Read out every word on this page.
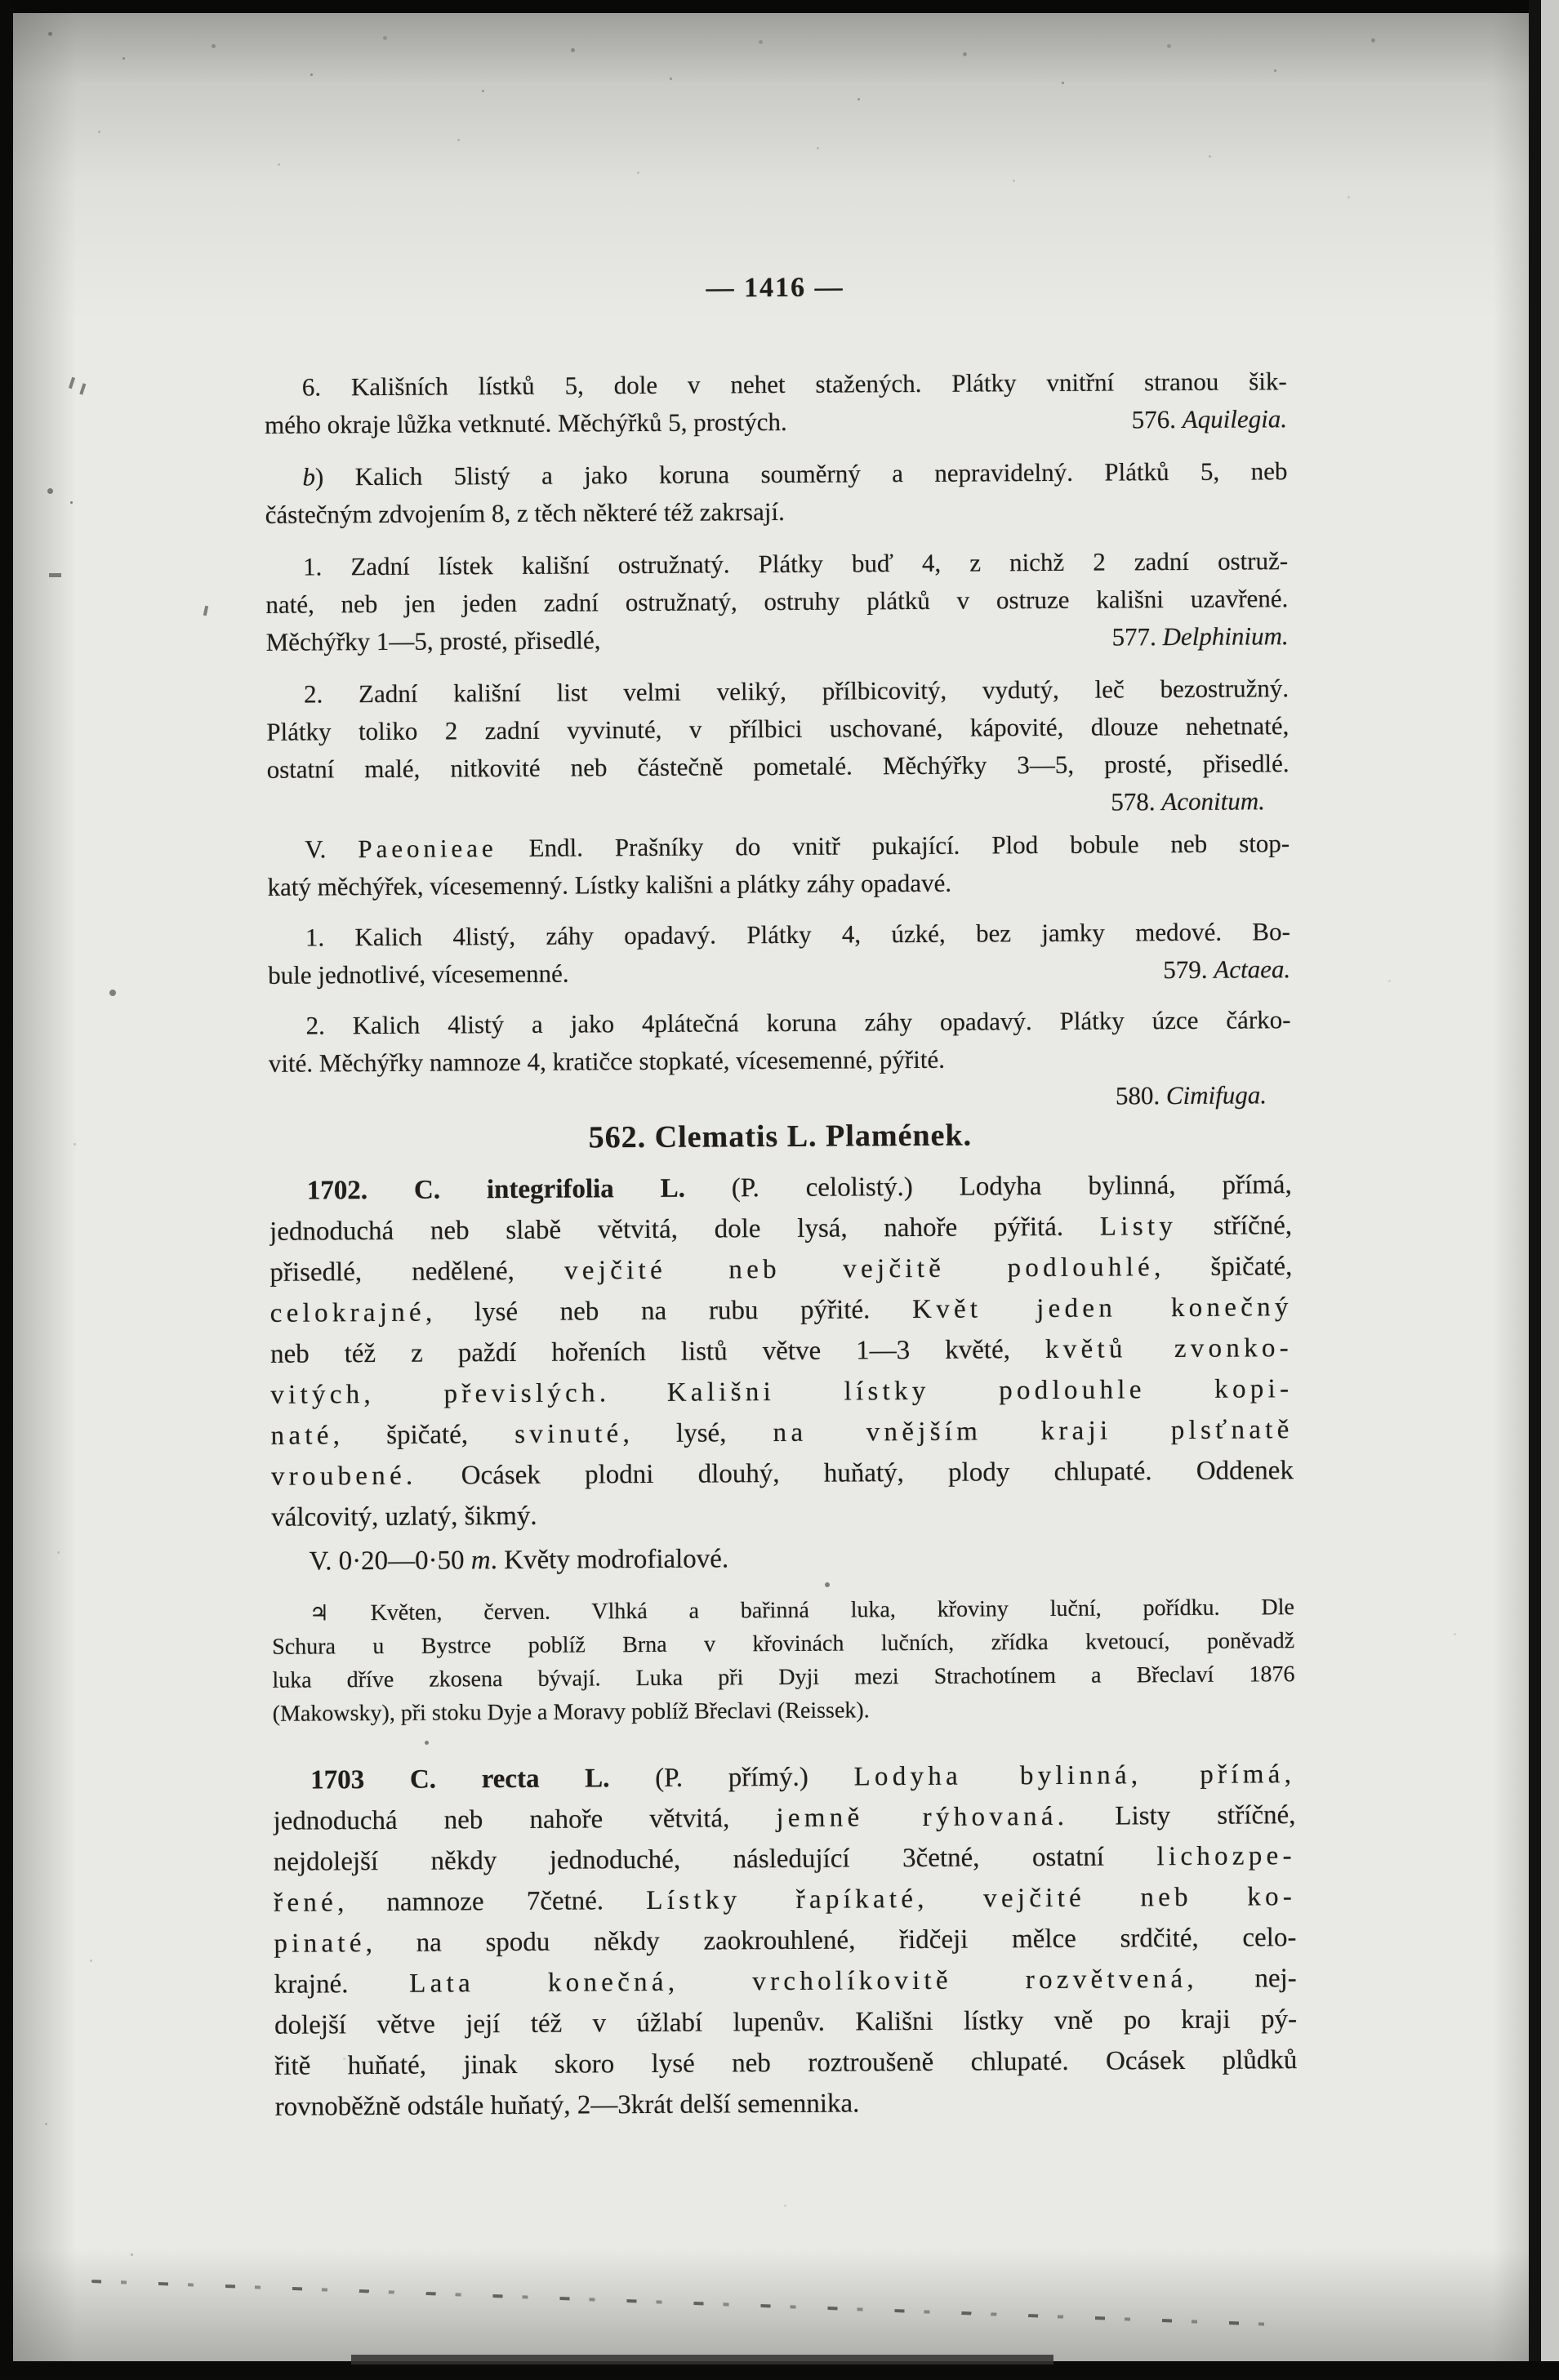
— 1416 —
6. Kališních lístků 5, dole v nehet stažených. Plátky vnitřní stranou šik-
mého okraje lůžka vetknuté. Měchýřků 5, prostých.	576. Aquilegia.
b) Kalich 5listý a jako koruna souměrný a nepravidelný. Plátků 5, neb
částečným zdvojením 8, z těch některé též zakrsají.
1. Zadní lístek kališní ostružnatý. Plátky buď 4, z nichž 2 zadní ostruž-
naté, neb jen jeden zadní ostružnatý, ostruhy plátků v ostruze kališni uzavřené.
Měchýřky 1—5, prosté, přisedlé,	577. Delphinium.
2. Zadní kališní list velmi veliký, přílbicovitý, vydutý, leč bezostružný.
Plátky toliko 2 zadní vyvinuté, v přílbici uschované, kápovité, dlouze nehetnaté,
ostatní malé, nitkovité neb částečně pometalé. Měchýřky 3—5, prosté, přisedlé.
578. Aconitum.
V. Paeonieae Endl. Prašníky do vnitř pukající. Plod bobule neb stop-
katý měchýřek, vícesemenný. Lístky kališni a plátky záhy opadavé.
1. Kalich 4listý, záhy opadavý. Plátky 4, úzké, bez jamky medové. Bo-
bule jednotlivé, vícesemenné.	579. Actaea.
2. Kalich 4listý a jako 4plátečná koruna záhy opadavý. Plátky úzce čárko-
vité. Měchýřky namnoze 4, kratičce stopkaté, vícesemenné, pýřité.
580. Cimifuga.
562. Clematis L. Plamének.
1702. C. integrifolia L. (P. celolistý.) Lodyha bylinná, přímá,
jednoduchá neb slabě větvitá, dole lysá, nahoře pýřitá. Listy stříčné,
přisedlé, nedělené, vejčité neb vejčitě podlouhlé, špičaté,
celokrajné, lysé neb na rubu pýřité. Květ jeden konečný
neb též z paždí hořeních listů větve 1—3 květé, květů zvonko-
vitých, převislých. Kališni lístky podlouhle kopi-
naté, špičaté, svinuté, lysé, na vnějším kraji plsťnatě
vroubené. Ocásek plodni dlouhý, huňatý, plody chlupaté. Oddenek
válcovitý, uzlatý, šikmý.
V. 0·20—0·50 m. Květy modrofialové.
♃ Květen, červen. Vlhká a bařinná luka, křoviny luční, pořídku. Dle
Schura u Bystrce poblíž Brna v křovinách lučních, zřídka kvetoucí, poněvadž
luka dříve zkosena bývají. Luka při Dyji mezi Strachotínem a Břeclaví 1876
(Makowsky), při stoku Dyje a Moravy poblíž Břeclavi (Reissek).
1703 C. recta L. (P. přímý.) Lodyha bylinná, přímá,
jednoduchá neb nahoře větvitá, jemně rýhovaná. Listy stříčné,
nejdolejší někdy jednoduché, následující 3četné, ostatní lichozpe-
řené, namnoze 7četné. Lístky řapíkaté, vejčité neb ko-
pinaté, na spodu někdy zaokrouhlené, řidčeji mělce srdčité, celo-
krajné. Lata konečná, vrcholíkovitě rozvětvená, nej-
dolejší větve její též v úžlabí lupenův. Kališni lístky vně po kraji pý-
řitě huňaté, jinak skoro lysé neb roztroušeně chlupaté. Ocásek plůdků
rovnoběžně odstále huňatý, 2—3krát delší semennika.
